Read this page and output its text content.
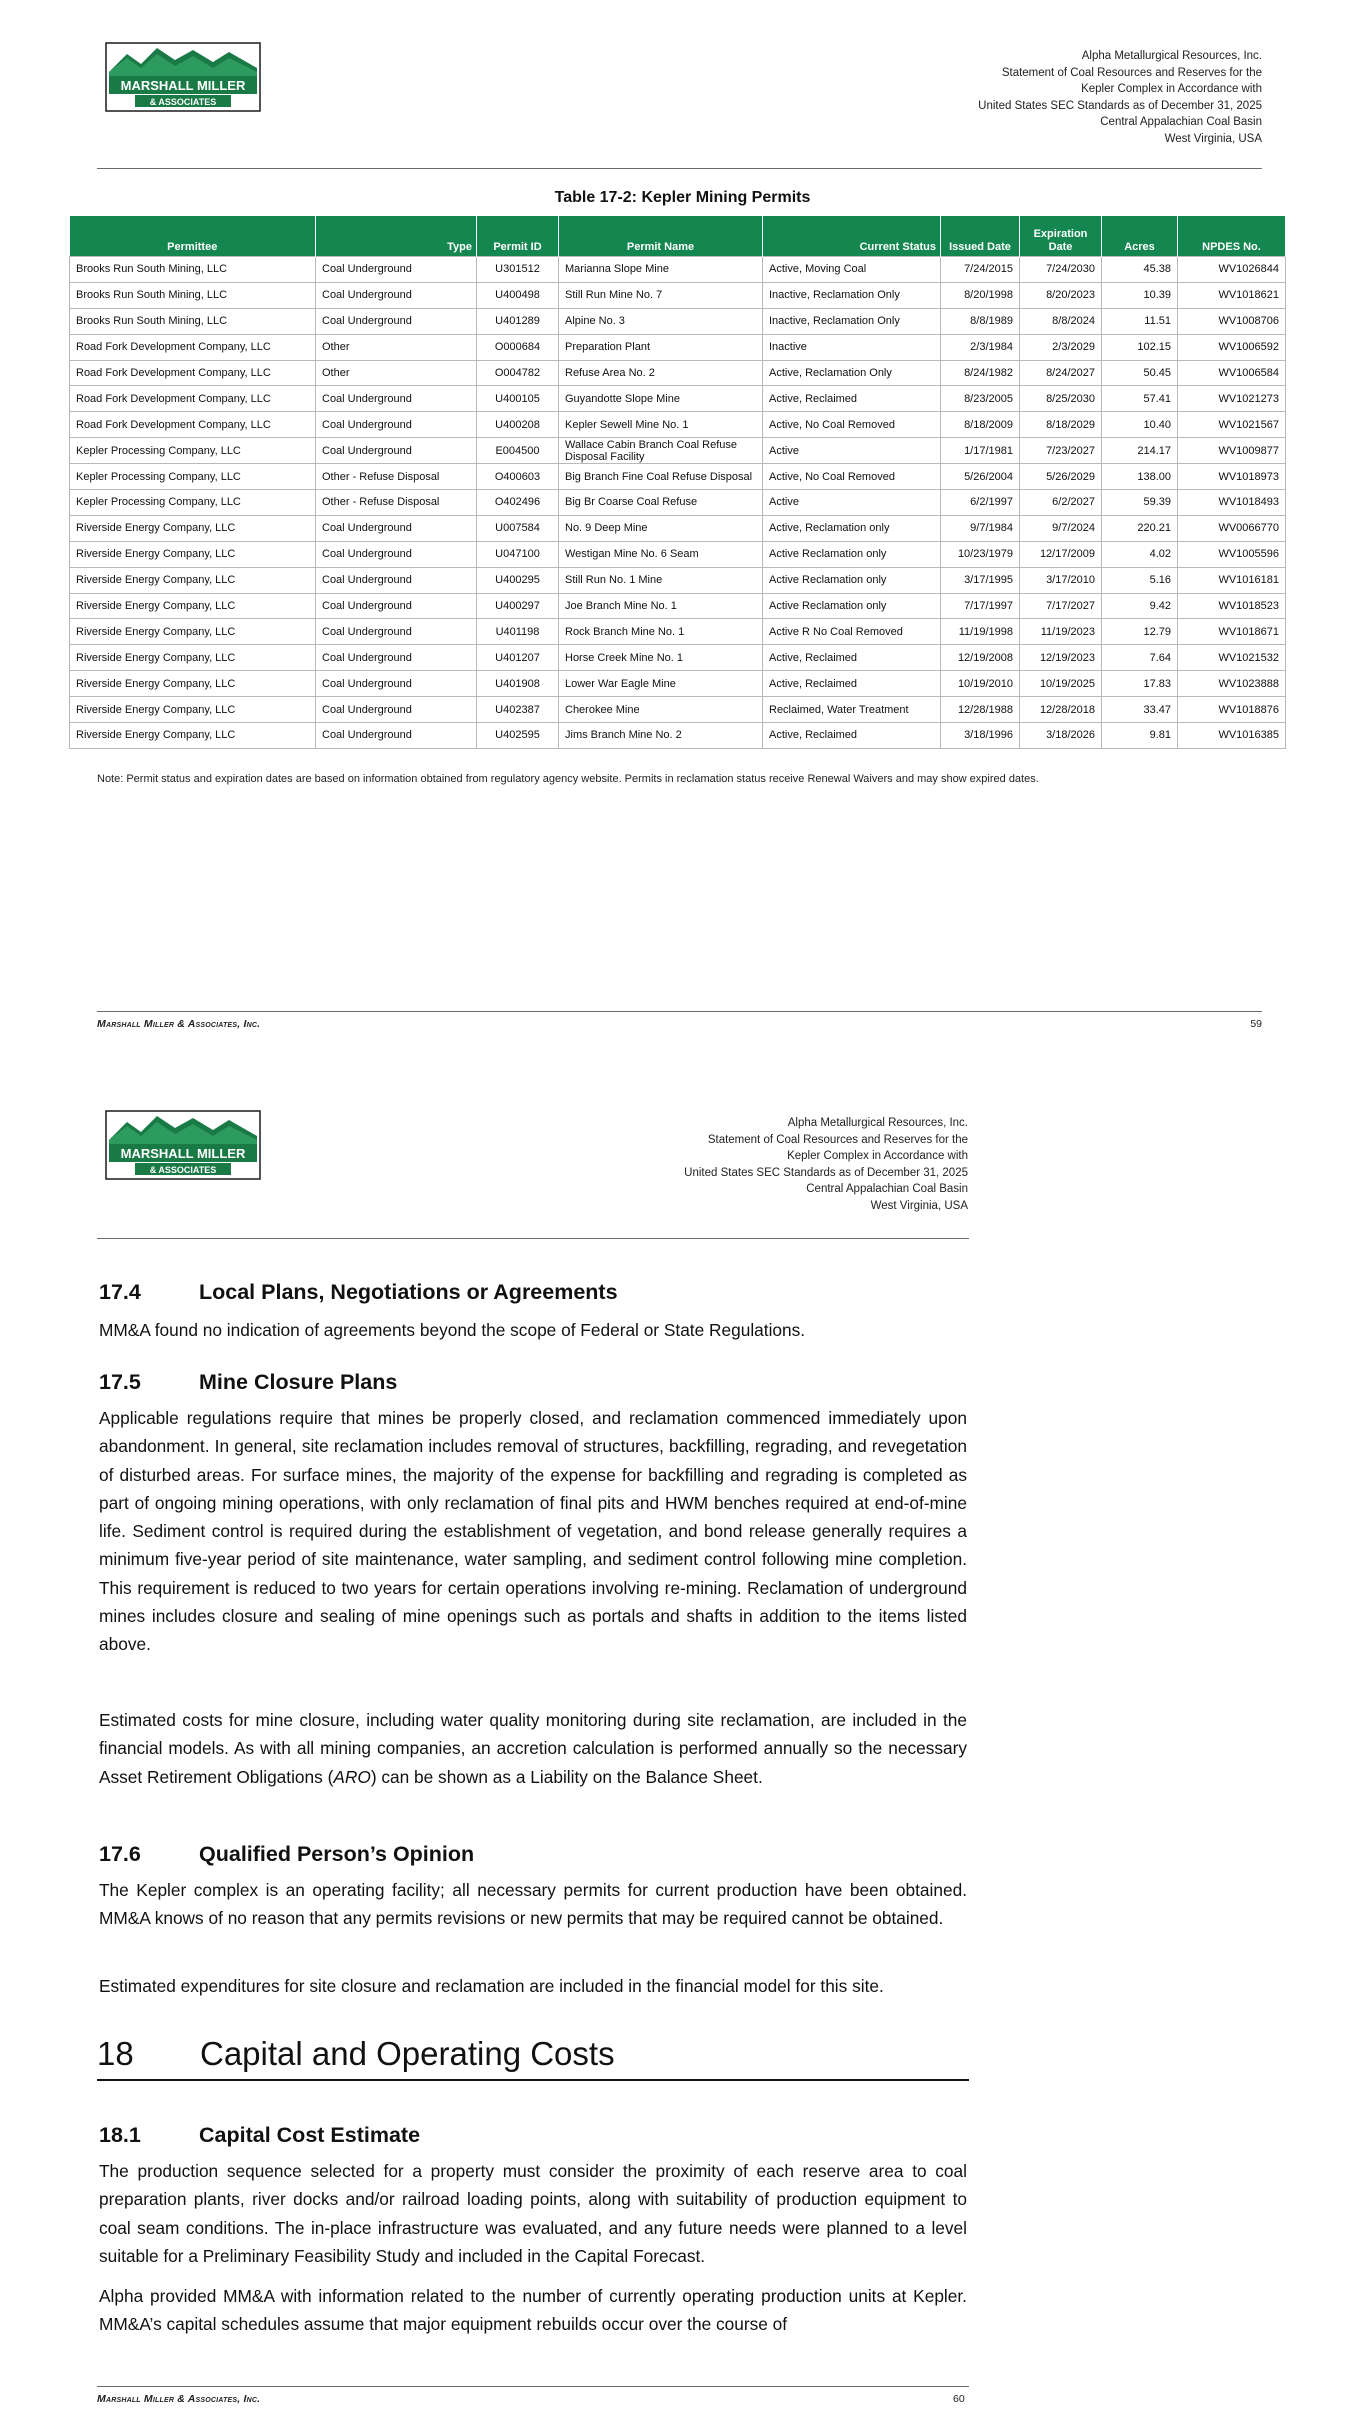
MARSHALL MILLER
& ASSOCIATES
Alpha Metallurgical Resources, Inc.
Statement of Coal Resources and Reserves for the
Kepler Complex in Accordance with
United States SEC Standards as of December 31, 2025
Central Appalachian Coal Basin
West Virginia, USA
Table 17-2: Kepler Mining Permits
Permittee	Type	Permit ID	Permit Name	Current Status	Issued Date	Expiration Date	Acres	NPDES No.
Brooks Run South Mining, LLC	Coal Underground	U301512	Marianna Slope Mine	Active, Moving Coal	7/24/2015	7/24/2030	45.38	WV1026844
Brooks Run South Mining, LLC	Coal Underground	U400498	Still Run Mine No. 7	Inactive, Reclamation Only	8/20/1998	8/20/2023	10.39	WV1018621
Brooks Run South Mining, LLC	Coal Underground	U401289	Alpine No. 3	Inactive, Reclamation Only	8/8/1989	8/8/2024	11.51	WV1008706
Road Fork Development Company, LLC	Other	O000684	Preparation Plant	Inactive	2/3/1984	2/3/2029	102.15	WV1006592
Road Fork Development Company, LLC	Other	O004782	Refuse Area No. 2	Active, Reclamation Only	8/24/1982	8/24/2027	50.45	WV1006584
Road Fork Development Company, LLC	Coal Underground	U400105	Guyandotte Slope Mine	Active, Reclaimed	8/23/2005	8/25/2030	57.41	WV1021273
Road Fork Development Company, LLC	Coal Underground	U400208	Kepler Sewell Mine No. 1	Active, No Coal Removed	8/18/2009	8/18/2029	10.40	WV1021567
Kepler Processing Company, LLC	Coal Underground	E004500	Wallace Cabin Branch Coal Refuse Disposal Facility	Active	1/17/1981	7/23/2027	214.17	WV1009877
Kepler Processing Company, LLC	Other - Refuse Disposal	O400603	Big Branch Fine Coal Refuse Disposal	Active, No Coal Removed	5/26/2004	5/26/2029	138.00	WV1018973
Kepler Processing Company, LLC	Other - Refuse Disposal	O402496	Big Br Coarse Coal Refuse	Active	6/2/1997	6/2/2027	59.39	WV1018493
Riverside Energy Company, LLC	Coal Underground	U007584	No. 9 Deep Mine	Active, Reclamation only	9/7/1984	9/7/2024	220.21	WV0066770
Riverside Energy Company, LLC	Coal Underground	U047100	Westigan Mine No. 6 Seam	Active Reclamation only	10/23/1979	12/17/2009	4.02	WV1005596
Riverside Energy Company, LLC	Coal Underground	U400295	Still Run No. 1 Mine	Active Reclamation only	3/17/1995	3/17/2010	5.16	WV1016181
Riverside Energy Company, LLC	Coal Underground	U400297	Joe Branch Mine No. 1	Active Reclamation only	7/17/1997	7/17/2027	9.42	WV1018523
Riverside Energy Company, LLC	Coal Underground	U401198	Rock Branch Mine No. 1	Active R No Coal Removed	11/19/1998	11/19/2023	12.79	WV1018671
Riverside Energy Company, LLC	Coal Underground	U401207	Horse Creek Mine No. 1	Active, Reclaimed	12/19/2008	12/19/2023	7.64	WV1021532
Riverside Energy Company, LLC	Coal Underground	U401908	Lower War Eagle Mine	Active, Reclaimed	10/19/2010	10/19/2025	17.83	WV1023888
Riverside Energy Company, LLC	Coal Underground	U402387	Cherokee Mine	Reclaimed, Water Treatment	12/28/1988	12/28/2018	33.47	WV1018876
Riverside Energy Company, LLC	Coal Underground	U402595	Jims Branch Mine No. 2	Active, Reclaimed	3/18/1996	3/18/2026	9.81	WV1016385
Note: Permit status and expiration dates are based on information obtained from regulatory agency website. Permits in reclamation status receive Renewal Waivers and may show expired dates.
Marshall Miller & Associates, Inc.	59
MARSHALL MILLER
& ASSOCIATES
Alpha Metallurgical Resources, Inc.
Statement of Coal Resources and Reserves for the
Kepler Complex in Accordance with
United States SEC Standards as of December 31, 2025
Central Appalachian Coal Basin
West Virginia, USA
17.4	Local Plans, Negotiations or Agreements
MM&A found no indication of agreements beyond the scope of Federal or State Regulations.
17.5	Mine Closure Plans
Applicable regulations require that mines be properly closed, and reclamation commenced immediately upon abandonment. In general, site reclamation includes removal of structures, backfilling, regrading, and revegetation of disturbed areas. For surface mines, the majority of the expense for backfilling and regrading is completed as part of ongoing mining operations, with only reclamation of final pits and HWM benches required at end-of-mine life. Sediment control is required during the establishment of vegetation, and bond release generally requires a minimum five-year period of site maintenance, water sampling, and sediment control following mine completion. This requirement is reduced to two years for certain operations involving re-mining. Reclamation of underground mines includes closure and sealing of mine openings such as portals and shafts in addition to the items listed above.
Estimated costs for mine closure, including water quality monitoring during site reclamation, are included in the financial models. As with all mining companies, an accretion calculation is performed annually so the necessary Asset Retirement Obligations (ARO) can be shown as a Liability on the Balance Sheet.
17.6	Qualified Person’s Opinion
The Kepler complex is an operating facility; all necessary permits for current production have been obtained. MM&A knows of no reason that any permits revisions or new permits that may be required cannot be obtained.
Estimated expenditures for site closure and reclamation are included in the financial model for this site.
18 Capital and Operating Costs
18.1	Capital Cost Estimate
The production sequence selected for a property must consider the proximity of each reserve area to coal preparation plants, river docks and/or railroad loading points, along with suitability of production equipment to coal seam conditions. The in-place infrastructure was evaluated, and any future needs were planned to a level suitable for a Preliminary Feasibility Study and included in the Capital Forecast.
Alpha provided MM&A with information related to the number of currently operating production units at Kepler. MM&A’s capital schedules assume that major equipment rebuilds occur over the course of
Marshall Miller & Associates, Inc.	60
